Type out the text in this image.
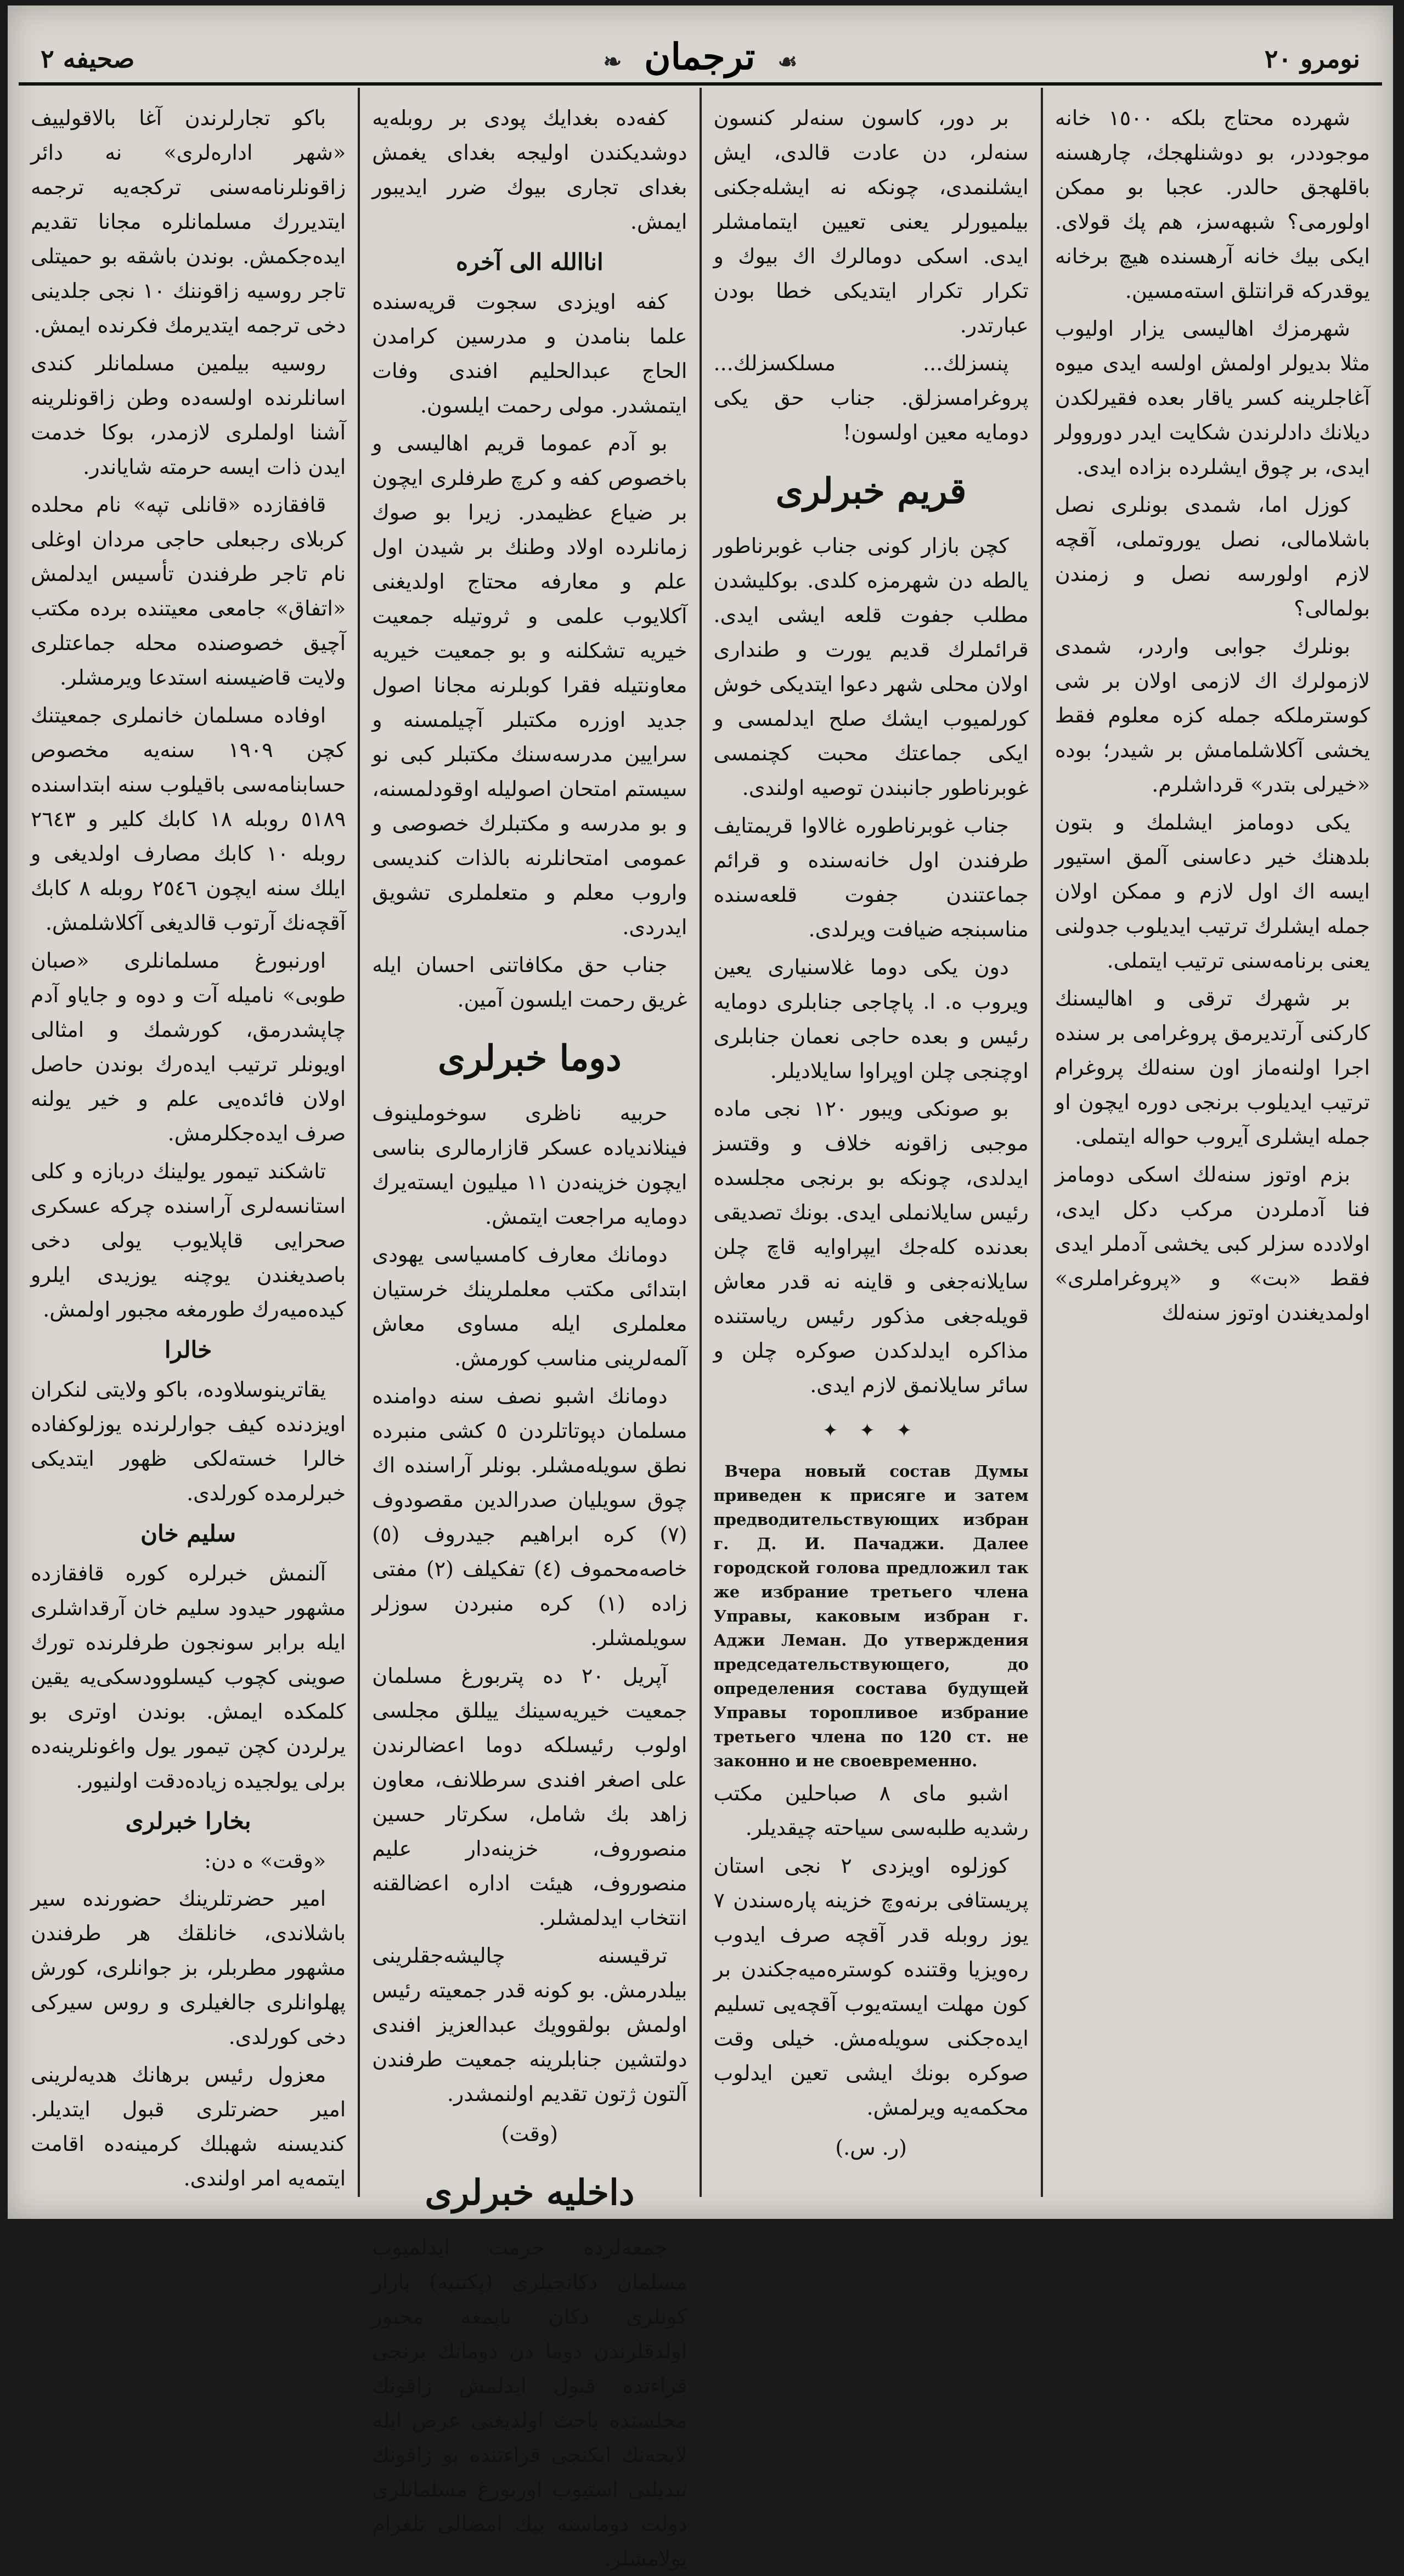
نومرو ٢٠
☙ ترجمان ❧
صحيفه ٢

شهرده محتاج بلکه ١٥٠٠ خانه موجوددر، بو دوشنلهجك، چارهسنه باقلهجق حالدر. عجبا بو ممکن اولورمی؟ شبهه‌سز، هم پك قولای. ایکی بیك خانه آرهسنده هیچ برخانه یوقدرکه قرانتلق استه‌مسین.

شهرمزك اهالیسی یزار اولیوب مثلا بدیولر اولمش اولسه ایدی میوه آغاجلرینه کسر یاقار بعده فقیرلکدن دیلانك دادلرندن شکایت ایدر دوروولر ایدی، بر چوق ایشلرده بزاده ایدی.

کوزل اما، شمدی بونلری نصل باشلامالی، نصل یوروتملی، آقچه لازم اولورسه نصل و زمندن بولمالی؟

بونلرك جوابی واردر، شمدی لازمولرك اك لازمی اولان بر شی کوسترملکه جمله کزه معلوم فقط یخشی آکلاشلمامش بر شیدر؛ بوده «خیرلی بتدر» قرداشلرم.

یکی دومامز ایشلمك و بتون بلدهنك خیر دعاسنی آلمق استیور ایسه اك اول لازم و ممکن اولان جمله ایشلرك ترتیب ایدیلوب جدولنی یعنی برنامه‌سنی ترتیب ایتملی.

بر شهرك ترقی و اهالیسنك کارکنی آرتدیرمق پروغرامی بر سنده اجرا اولنه‌ماز اون سنه‌لك پروغرام ترتیب ایدیلوب برنجی دوره ایچون او جمله ایشلری آیروب حواله ایتملی.

بزم اوتوز سنه‌لك اسکی دومامز فنا آدملردن مرکب دکل ایدی، اولادده سزلر کبی یخشی آدملر ایدی فقط «بت» و «پروغراملری» اولمدیغندن اوتوز سنه‌لك

بر دور، کاسون سنه‌لر کنسون سنه‌لر، دن عادت قالدی، ایش ایشلنمدی، چونکه نه ایشله‌جکنی بیلمیورلر یعنی تعیین ایتمامشلر ایدی. اسکی دومالرك اك بیوك و تکرار تکرار ایتدیکی خطا بودن عبارتدر.

پنسزلك... مسلکسزلك... پروغرامسزلق. جناب حق یکی دومایه معین اولسون!

قریم خبرلری

کچن بازار کونی جناب غوبرناطور یالطه دن شهرمزه کلدی. بوکلیشدن مطلب جفوت قلعه ایشی ایدی. قرائملرك قدیم یورت و طنداری اولان محلی شهر دعوا ایتدیکی خوش کورلمیوب ایشك صلح ایدلمسی و ایکی جماعتك محبت کچنمسی غوبرناطور جانبندن توصیه اولندی.

جناب غوبرناطوره غالاوا قریمتایف طرفندن اول خانه‌سنده و قرائم جماعتندن جفوت قلعه‌سنده مناسبنجه ضیافت ویرلدی.

دون یکی دوما غلاسنیاری یعین ویروب ه. ا. پاچاجی جنابلری دومایه رئیس و بعده حاجی نعمان جنابلری اوچنجی چلن اوپراوا سایلادیلر.

بو صونکی ویبور ١٢٠ نجی ماده موجبی زاقونه خلاف و وقتسز ایدلدی، چونکه بو برنجی مجلسده رئیس سایلانملی ایدی. بونك تصدیقی بعدنده کله‌جك ایپراوایه قاچ چلن سایلانه‌جغی و قاینه نه قدر معاش قویله‌جغی مذکور رئیس ریاستنده مذاکره ایدلدکدن صوکره چلن و سائر سایلانمق لازم ایدی.

✦ ✦ ✦

Вчера новый состав Думы приведен к присяге и затем предводительствующих избран г. Д. И. Пачаджи. Далее городской голова предложил так же избрание третьего члена Управы, каковым избран г. Аджи Леман. До утверждения председательствующего, до определения состава будущей Управы торопливое избрание третьего члена по 120 ст. не законно и не своевременно.

اشبو مای ٨ صباحلین مکتب رشدیه طلبه‌سی سیاحته چیقدیلر.

کوزلوه اویزدی ٢ نجی استان پریستافی برنه‌وچ خزینه پاره‌سندن ٧ یوز روبله قدر آقچه صرف ایدوب رەویزیا وقتنده کوسترەمیەجکندن بر کون مهلت ایسته‌یوب آقچه‌یی تسلیم ایده‌جکنی سویله‌مش. خیلی وقت صوکره بونك ایشی تعین ایدلوب محکمه‌یه ویرلمش.

(ر. س.)

کفه‌ده بغدایك پودی بر روبله‌یه دوشدیکندن اولیجه بغدای یغمش بغدای تجاری بیوك ضرر ایدیبور ایمش.

اناالله الی آخره

کفه اویزدی سجوت قریه‌سنده علما بنامدن و مدرسین کرامدن الحاج عبدالحلیم افندی وفات ایتمشدر. مولی رحمت ایلسون.

بو آدم عموما قریم اهالیسی و باخصوص کفه و کرچ طرفلری ایچون بر ضیاع عظیمدر. زیرا بو صوك زمانلرده اولاد وطنك بر شیدن اول علم و معارفه محتاج اولدیغنی آکلایوب علمی و ثروتیله جمعیت خیریه تشکلنه و بو جمعیت خیریه معاونتیله فقرا کوبلرنه مجانا اصول جدید اوزره مکتبلر آچیلمسنه و سرایین مدرسه‌سنك مکتبلر کبی نو سیستم امتحان اصولیله اوقودلمسنه، و بو مدرسه و مکتبلرك خصوصی و عمومی امتحانلرنه بالذات کندیسی واروب معلم و متعلملری تشویق ایدردی.

جناب حق مکافاتنی احسان ایله غریق رحمت ایلسون آمین.

دوما خبرلری

حربیه ناظری سوخوملینوف فینلاندیاده عسکر قازارمالری بناسی ایچون خزینه‌دن ١١ میلیون ایسته‌یرك دومایه مراجعت ایتمش.

دومانك معارف کامسیاسی یهودی ابتدائی مکتب معلملرینك خرستیان معلملری ایله مساوی معاش آلمه‌لرینی مناسب کورمش.

دومانك اشبو نصف سنه دوامنده مسلمان دپوتاتلردن ٥ کشی منبرده نطق سویله‌مشلر. بونلر آراسنده اك چوق سویلیان صدرالدین مقصودوف (٧) کره ابراهیم جیدروف (٥) خاصه‌محموف (٤) تفکیلف (٢) مفتی زاده (١) کره منبردن سوزلر سویلمشلر.

آپریل ٢٠ ده پتربورغ مسلمان جمعیت خیریه‌سینك ییللق مجلسی اولوب رئیسلکه دوما اعضالرندن علی اصغر افندی سرطلانف، معاون زاهد بك شامل، سکرتار حسین منصوروف، خزینه‌دار علیم منصوروف، هیئت اداره اعضالقنه انتخاب ایدلمشلر.

ترقیسنه چالیشه‌جقلرینی بیلدرمش. بو کونه قدر جمعیته رئیس اولمش بولقوویك عبدالعزیز افندی دولتشین جنابلرینه جمعیت طرفندن آلتون ژتون تقدیم اولنمشدر.

(وقت)
داخلیه خبرلری

جمعه‌لرده حرمت ایدلمیوب مسلمان دکانجیلری (پکتنبه) بازار کونلری دکان یاپمغه مجبور اولدقلرندن دوما دن دومانك برنجی قراءتده قبول ایدلمش زاقونك مجلسنده باحث اولدیغنی عرض ایله لایحه‌نك ایکنجی قراءتنده بو زاقونك تبدیلنی استیوب اوربورغ مسلمانلری دولت دوماسنه بیك امضالی تلغرام یولامشلر.

باکو تجارلرندن آغا بالاقولییف «شهر اداره‌لری» نه دائر زاقونلرنامه‌سنی ترکجه‌یه ترجمه ایتدیررك مسلمانلره مجانا تقدیم ایده‌جکمش. بوندن باشقه بو حمیتلی تاجر روسیه زاقوننك ١٠ نجی جلدینی دخی ترجمه ایتدیرمك فکرنده ایمش.

روسیه بیلمین مسلمانلر کندی اسانلرنده اولسه‌ده وطن زاقونلرینه آشنا اولملری لازمدر، بوکا خدمت ایدن ذات ایسه حرمته شایاندر.

قافقازده «قانلی تپه» نام محلده کربلای رجبعلی حاجی مردان اوغلی نام تاجر طرفندن تأسیس ایدلمش «اتفاق» جامعی معیتنده برده مکتب آچیق خصوصنده محله جماعتلری ولایت قاضیسنه استدعا ویرمشلر.

اوفاده مسلمان خانملری جمعیتنك کچن ١٩٠٩ سنه‌یه مخصوص حسابنامه‌سی باقیلوب سنه ابتداسنده ٥١٨٩ روبله ١٨ کابك کلیر و ٢٦٤٣ روبله ١٠ کابك مصارف اولدیغی و ایلك سنه ایچون ٢٥٤٦ روبله ٨ کابك آقچه‌نك آرتوب قالدیغی آکلاشلمش.

اورنبورغ مسلمانلری «صبان طوبی» نامیله آت و دوه و جایاو آدم چاپشدرمق، کورشمك و امثالی اویونلر ترتیب ایده‌رك بوندن حاصل اولان فائده‌یی علم و خیر یولنه صرف ایده‌جکلرمش.

تاشکند تیمور یولینك دربازه و کلی استانسه‌لری آراسنده چرکه عسکری صحرایی قاپلایوب یولی دخی باصدیغندن یوچنه یوزیدی ایلرو کیده‌میه‌رك طورمغه مجبور اولمش.

خالرا

یقاترینوسلاوده، باکو ولایتی لنکران اویزدنده کیف جوارلرنده یوزلوکفاده خالرا خسته‌لکی ظهور ایتدیکی خبرلرمده کورلدی.

سلیم خان

آلنمش خبرلره کوره قافقازده مشهور حیدود سلیم خان آرقداشلری ایله برابر سونجون طرفلرنده تورك صوینی کچوب کیسلوودسکی‌یه یقین کلمکده ایمش. بوندن اوتری بو یرلردن کچن تیمور یول واغونلرینه‌ده برلی یولجیده زیاده‌دقت اولنیور.

بخارا خبرلری

«وقت» ه دن:

امیر حضرتلرینك حضورنده سیر باشلاندی، خانلقك هر طرفندن مشهور مطربلر، بز جوانلری، کورش پهلوانلری جالغیلری و روس سیرکی دخی کورلدی.

معزول رئیس برهانك هدیه‌لرینی امیر حضرتلری قبول ایتدیلر. کندیسنه شهبلك کرمینه‌ده اقامت ایتمه‌یه امر اولندی.
